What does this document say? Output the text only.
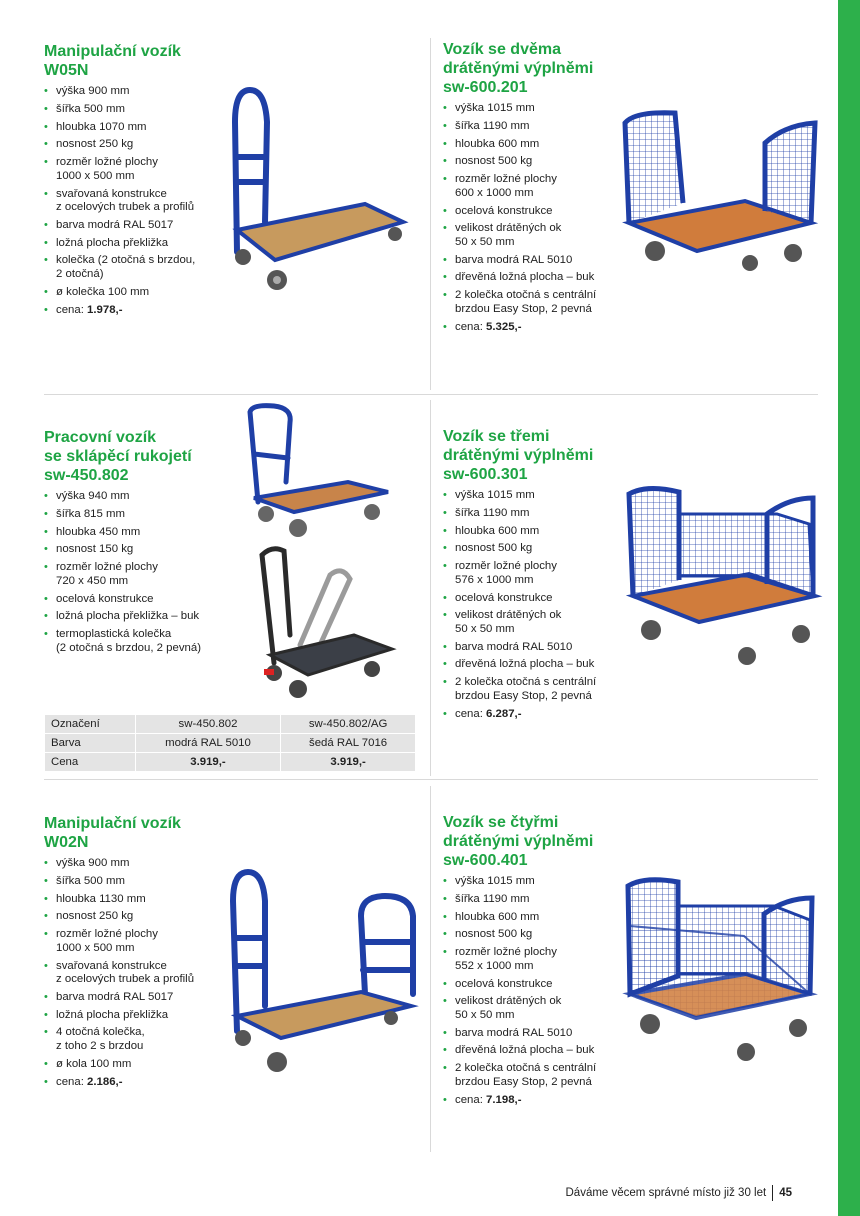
Manipulační vozík
W05N

• výška 900 mm
• šířka 500 mm
• hloubka 1070 mm
• nosnost 250 kg
• rozměr ložné plochy
1000 x 500 mm
• svařovaná konstrukce
z ocelových trubek a profilů
• barva modrá RAL 5017
• ložná plocha překližka
• kolečka (2 otočná s brzdou,
2 otočná)
• ø kolečka 100 mm
• cena: 1.978,-
Vozík se dvěma
drátěnými výplněmi
sw-600.201

• výška 1015 mm
• šířka 1190 mm
• hloubka 600 mm
• nosnost 500 kg
• rozměr ložné plochy
600 x 1000 mm
• ocelová konstrukce
• velikost drátěných ok
50 x 50 mm
• barva modrá RAL 5010
• dřevěná ložná plocha – buk
• 2 kolečka otočná s centrální
brzdou Easy Stop, 2 pevná
• cena: 5.325,-
Pracovní vozík
se sklápěcí rukojetí
sw-450.802

• výška 940 mm
• šířka 815 mm
• hloubka 450 mm
• nosnost 150 kg
• rozměr ložné plochy
720 x 450 mm
• ocelová konstrukce
• ložná plocha překližka – buk
• termoplastická kolečka
(2 otočná s brzdou, 2 pevná)
Vozík se třemi
drátěnými výplněmi
sw-600.301

• výška 1015 mm
• šířka 1190 mm
• hloubka 600 mm
• nosnost 500 kg
• rozměr ložné plochy
576 x 1000 mm
• ocelová konstrukce
• velikost drátěných ok
50 x 50 mm
• barva modrá RAL 5010
• dřevěná ložná plocha – buk
• 2 kolečka otočná s centrální
brzdou Easy Stop, 2 pevná
• cena: 6.287,-
Manipulační vozík
W02N

• výška 900 mm
• šířka 500 mm
• hloubka 1130 mm
• nosnost 250 kg
• rozměr ložné plochy
1000 x 500 mm
• svařovaná konstrukce
z ocelových trubek a profilů
• barva modrá RAL 5017
• ložná plocha překližka
• 4 otočná kolečka,
z toho 2 s brzdou
• ø kola 100 mm
• cena: 2.186,-
Vozík se čtyřmi
drátěnými výplněmi
sw-600.401

• výška 1015 mm
• šířka 1190 mm
• hloubka 600 mm
• nosnost 500 kg
• rozměr ložné plochy
552 x 1000 mm
• ocelová konstrukce
• velikost drátěných ok
50 x 50 mm
• barva modrá RAL 5010
• dřevěná ložná plocha – buk
• 2 kolečka otočná s centrální
brzdou Easy Stop, 2 pevná
• cena: 7.198,-
Označení	sw-450.802	sw-450.802/AG
Barva	modrá RAL 5010	šedá RAL 7016
Cena	3.919,-	3.919,-
Dáváme věcem správné místo již 30 let 45
